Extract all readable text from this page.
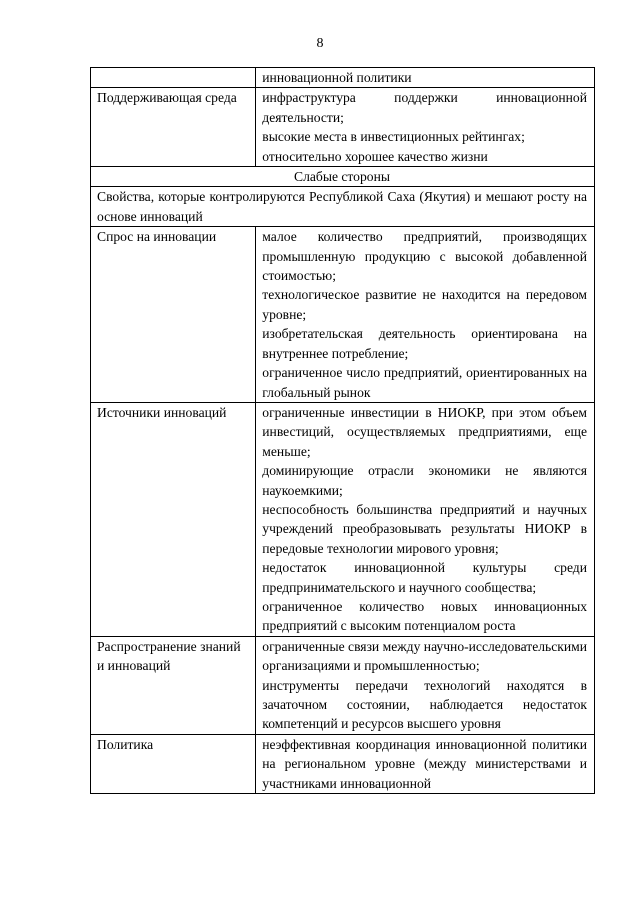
8

	инновационной политики

Поддерживающая среда	инфраструктура поддержки инновационной деятельности;

высокие места в инвестиционных рейтингах;

относительно хорошее качество жизни

Слабые стороны	
Свойства, которые контролируются Республикой Саха (Якутия) и мешают росту на основе инноваций	
Спрос на инновации	малое количество предприятий, производящих промышленную продукцию с высокой добавленной стоимостью;

технологическое развитие не находится на передовом уровне;

изобретательская деятельность ориентирована на внутреннее потребление;

ограниченное число предприятий, ориентированных на глобальный рынок

Источники инноваций	ограниченные инвестиции в НИОКР, при этом объем инвестиций, осуществляемых предприятиями, еще меньше;

доминирующие отрасли экономики не являются наукоемкими;

неспособность большинства предприятий и научных учреждений преобразовывать результаты НИОКР в передовые технологии мирового уровня;

недостаток инновационной культуры среди предпринимательского и научного сообщества;

ограниченное количество новых инновационных предприятий с высоким потенциалом роста

Распространение знаний и инноваций	ограниченные связи между научно-исследовательскими организациями и промышленностью;

инструменты передачи технологий находятся в зачаточном состоянии, наблюдается недостаток компетенций и ресурсов высшего уровня

Политика	неэффективная координация инновационной политики на региональном уровне (между министерствами и участниками инновационной
